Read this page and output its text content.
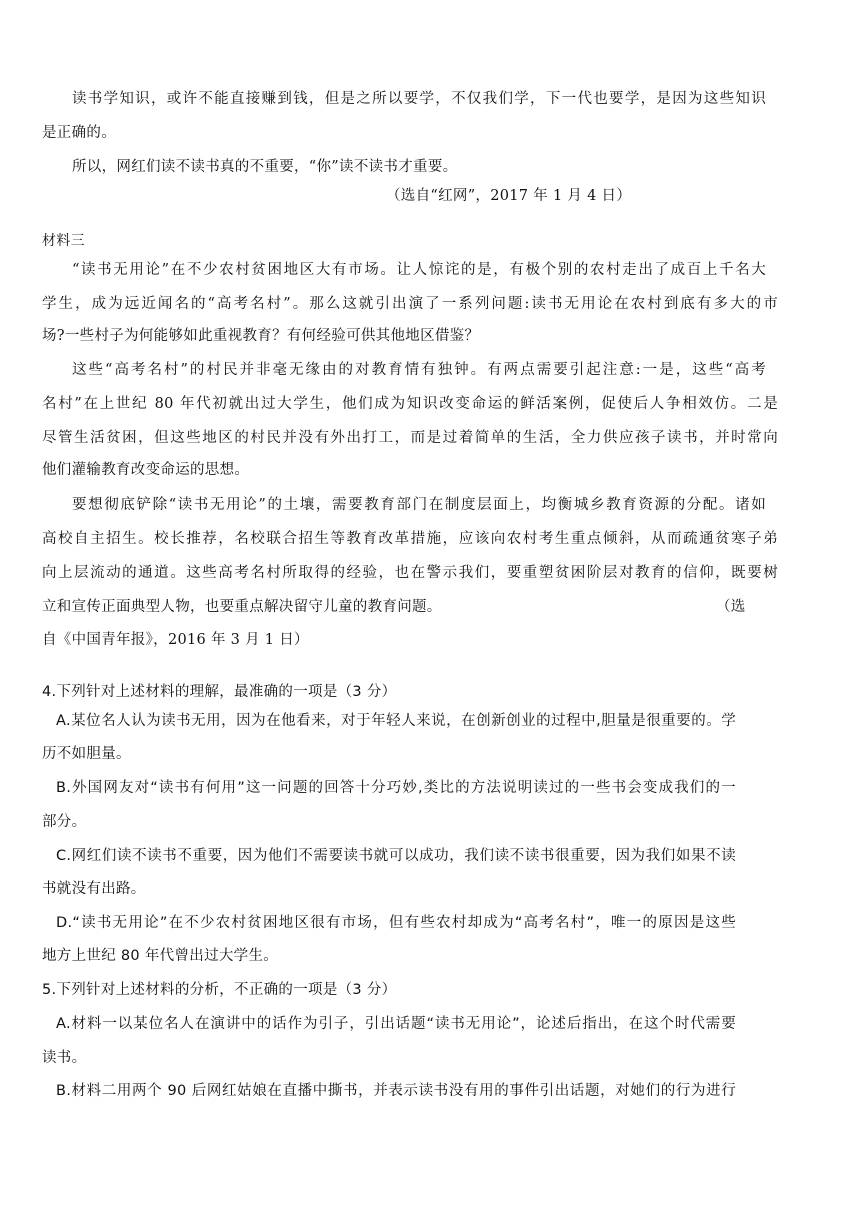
读书学知识，或许不能直接赚到钱，但是之所以要学，不仅我们学，下一代也要学，是因为这些知识
是正确的。
所以，网红们读不读书真的不重要，“你”读不读书才重要。
（选自“红网”，2017 年 1 月 4 日）
材料三
“读书无用论”在不少农村贫困地区大有市场。让人惊诧的是，有极个别的农村走出了成百上千名大
学生，成为远近闻名的“高考名村”。那么这就引出演了一系列问题:读书无用论在农村到底有多大的市
场?一些村子为何能够如此重视教育？有何经验可供其他地区借鉴？
这些“高考名村”的村民并非毫无缘由的对教育情有独钟。有两点需要引起注意:一是，这些“高考
名村”在上世纪 80 年代初就出过大学生，他们成为知识改变命运的鲜活案例，促使后人争相效仿。二是
尽管生活贫困，但这些地区的村民并没有外出打工，而是过着简单的生活，全力供应孩子读书，并时常向
他们灌输教育改变命运的思想。
要想彻底铲除“读书无用论”的土壤，需要教育部门在制度层面上，均衡城乡教育资源的分配。诸如
高校自主招生。校长推荐，名校联合招生等教育改革措施，应该向农村考生重点倾斜，从而疏通贫寒子弟
向上层流动的通道。这些高考名村所取得的经验，也在警示我们，要重塑贫困阶层对教育的信仰，既要树
立和宣传正面典型人物，也要重点解决留守儿童的教育问题。	（选
自《中国青年报》，2016 年 3 月 1 日）
4.下列针对上述材料的理解，最准确的一项是（3 分）
A.某位名人认为读书无用，因为在他看来，对于年轻人来说，在创新创业的过程中,胆量是很重要的。学
历不如胆量。
B.外国网友对“读书有何用”这一问题的回答十分巧妙,类比的方法说明读过的一些书会变成我们的一
部分。
C.网红们读不读书不重要，因为他们不需要读书就可以成功，我们读不读书很重要，因为我们如果不读
书就没有出路。
D.“读书无用论”在不少农村贫困地区很有市场，但有些农村却成为“高考名村”，唯一的原因是这些
地方上世纪 80 年代曾出过大学生。
5.下列针对上述材料的分析，不正确的一项是（3 分）
A.材料一以某位名人在演讲中的话作为引子，引出话题“读书无用论”，论述后指出，在这个时代需要
读书。
B.材料二用两个 90 后网红姑娘在直播中撕书，并表示读书没有用的事件引出话题，对她们的行为进行
